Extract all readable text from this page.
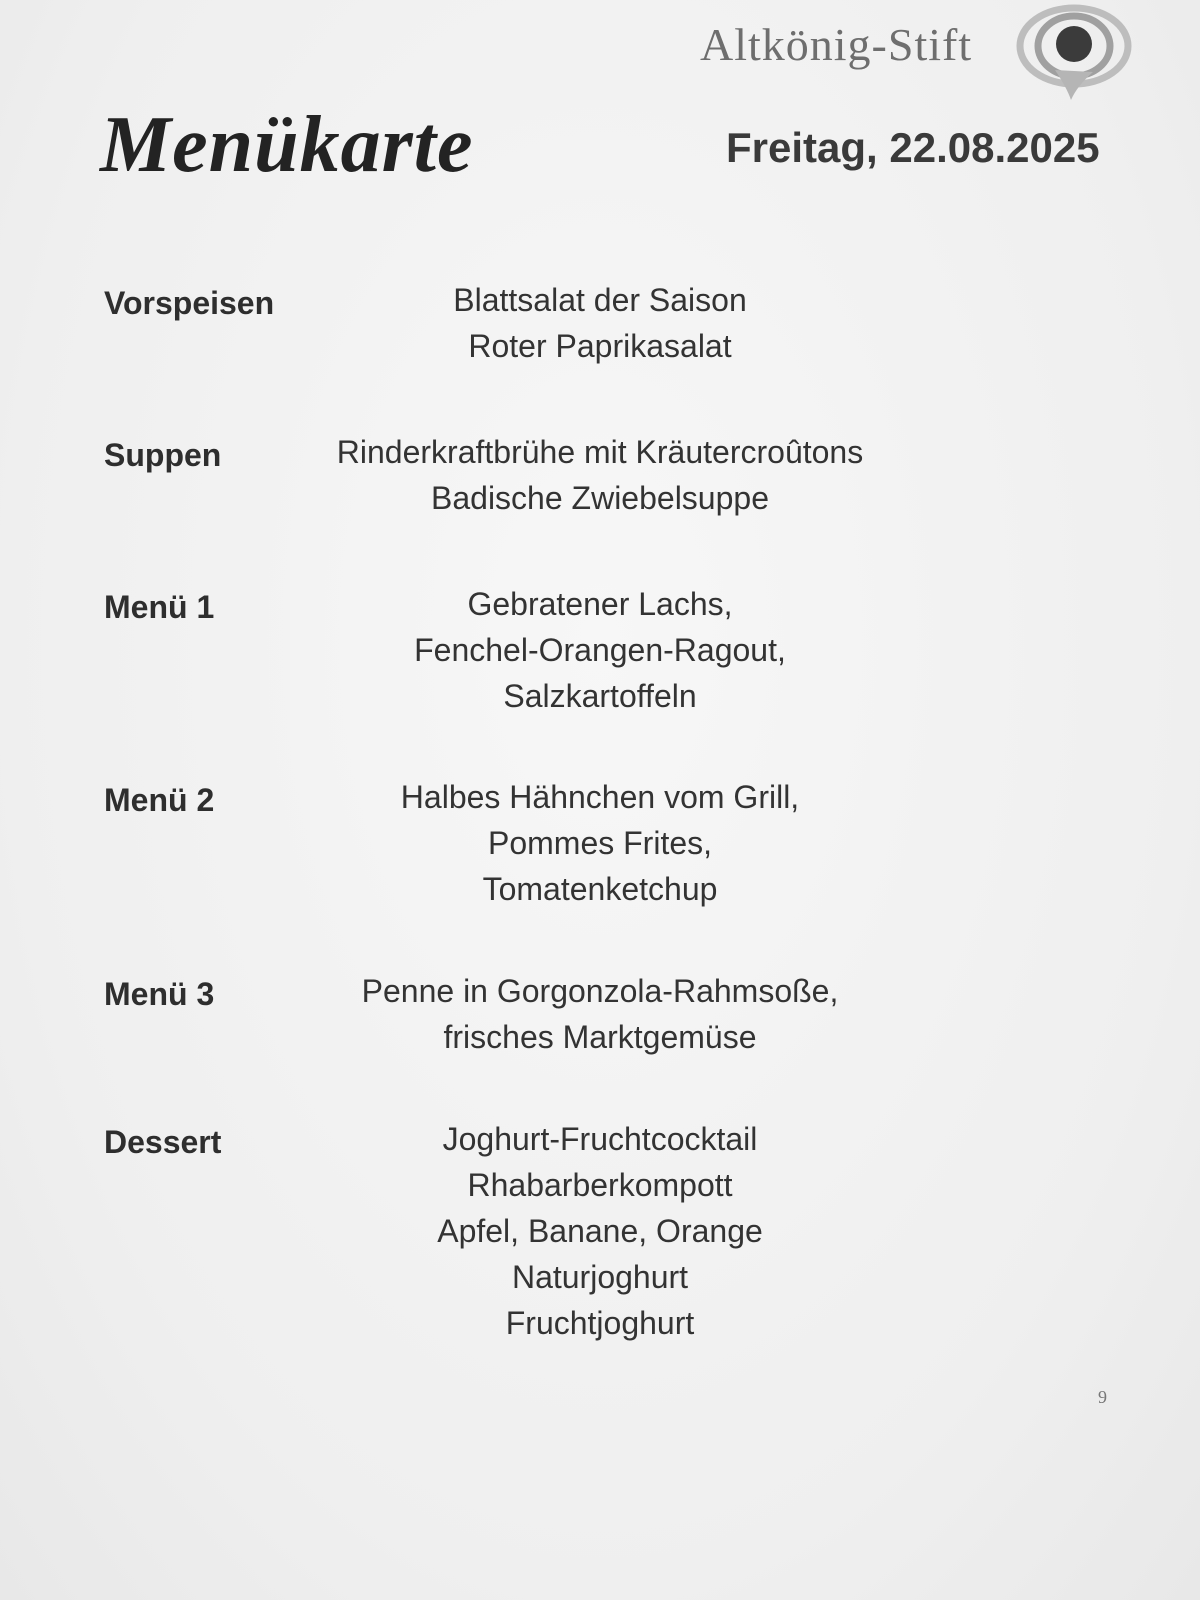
Altkönig-Stift
Menükarte	Freitag, 22.08.2025
Vorspeisen	Blattsalat der Saison
Roter Paprikasalat
Suppen	Rinderkraftbrühe mit Kräutercroûtons
Badische Zwiebelsuppe
Menü 1	Gebratener Lachs,
Fenchel-Orangen-Ragout,
Salzkartoffeln
Menü 2	Halbes Hähnchen vom Grill,
Pommes Frites,
Tomatenketchup
Menü 3	Penne in Gorgonzola-Rahmsoße,
frisches Marktgemüse
Dessert	Joghurt-Fruchtcocktail
Rhabarberkompott
Apfel, Banane, Orange
Naturjoghurt
Fruchtjoghurt
9
